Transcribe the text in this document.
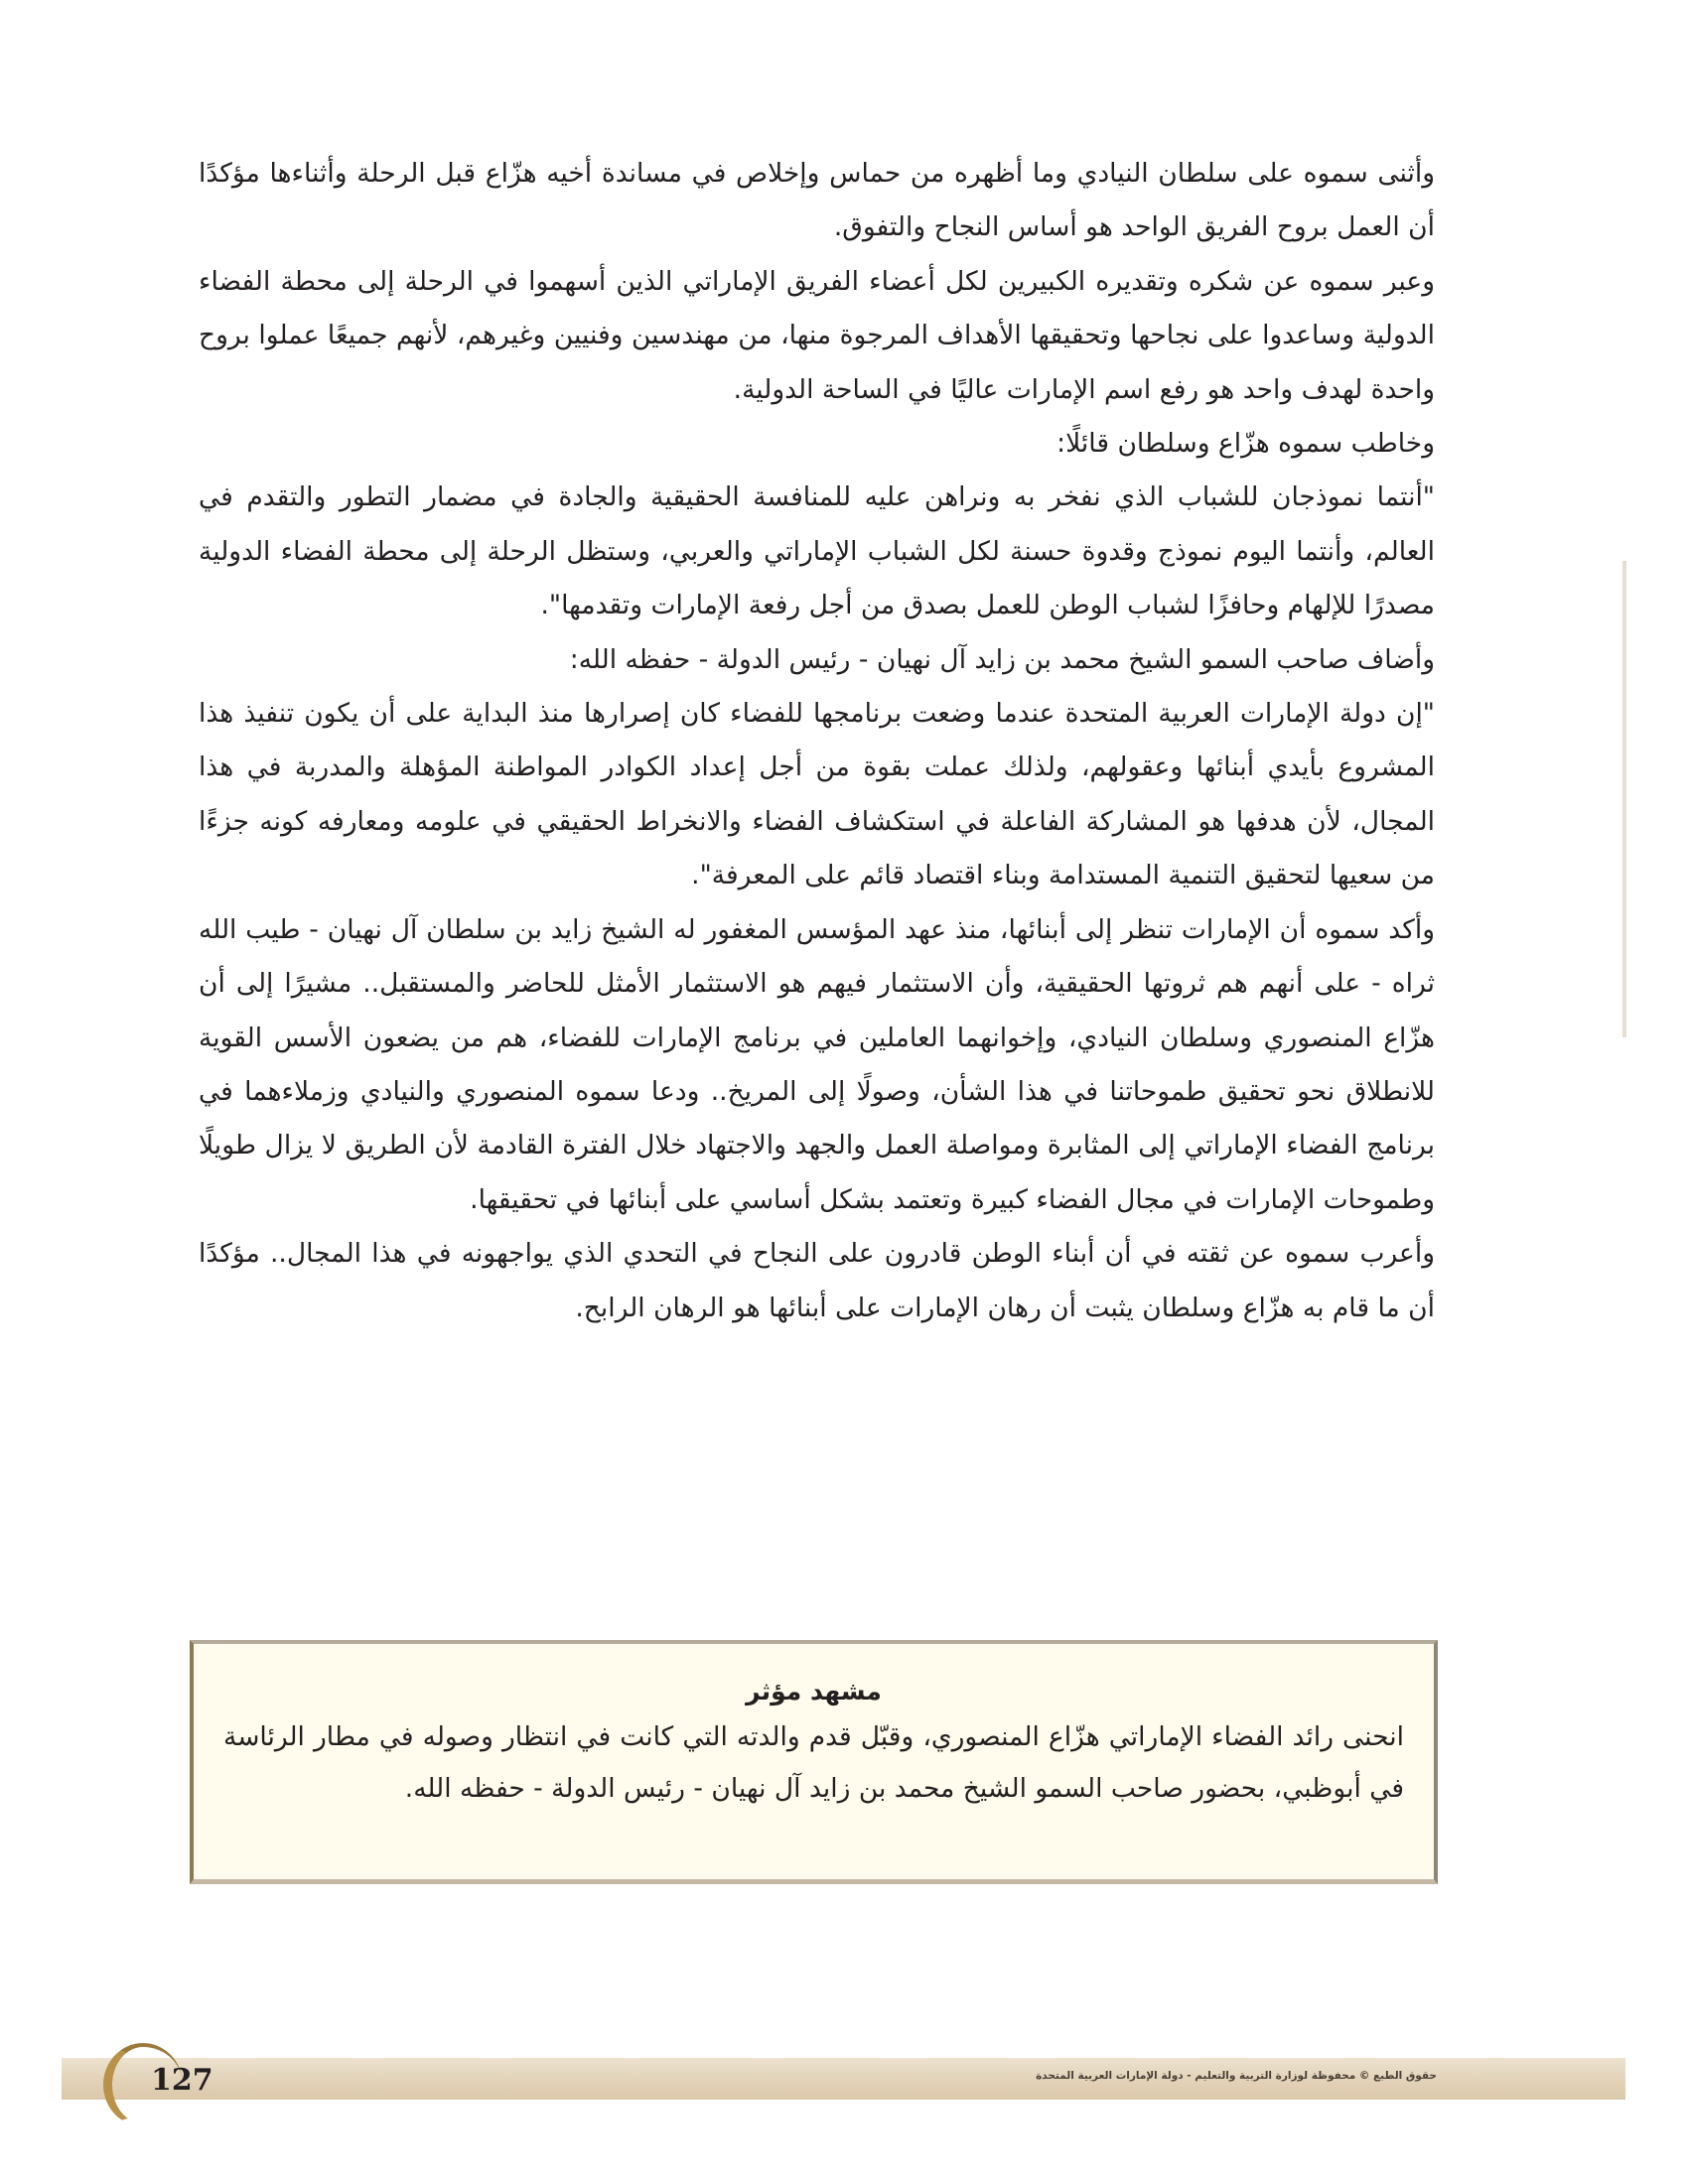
وأثنى سموه على سلطان النيادي وما أظهره من حماس وإخلاص في مساندة أخيه هزّاع قبل الرحلة وأثناءها مؤكدًا أن العمل بروح الفريق الواحد هو أساس النجاح والتفوق.

وعبر سموه عن شكره وتقديره الكبيرين لكل أعضاء الفريق الإماراتي الذين أسهموا في الرحلة إلى محطة الفضاء الدولية وساعدوا على نجاحها وتحقيقها الأهداف المرجوة منها، من مهندسين وفنيين وغيرهم، لأنهم جميعًا عملوا بروح واحدة لهدف واحد هو رفع اسم الإمارات عاليًا في الساحة الدولية.

وخاطب سموه هزّاع وسلطان قائلًا:

"أنتما نموذجان للشباب الذي نفخر به ونراهن عليه للمنافسة الحقيقية والجادة في مضمار التطور والتقدم في العالم، وأنتما اليوم نموذج وقدوة حسنة لكل الشباب الإماراتي والعربي، وستظل الرحلة إلى محطة الفضاء الدولية مصدرًا للإلهام وحافزًا لشباب الوطن للعمل بصدق من أجل رفعة الإمارات وتقدمها".

وأضاف صاحب السمو الشيخ محمد بن زايد آل نهيان - رئيس الدولة - حفظه الله:

"إن دولة الإمارات العربية المتحدة عندما وضعت برنامجها للفضاء كان إصرارها منذ البداية على أن يكون تنفيذ هذا المشروع بأيدي أبنائها وعقولهم، ولذلك عملت بقوة من أجل إعداد الكوادر المواطنة المؤهلة والمدربة في هذا المجال، لأن هدفها هو المشاركة الفاعلة في استكشاف الفضاء والانخراط الحقيقي في علومه ومعارفه كونه جزءًا من سعيها لتحقيق التنمية المستدامة وبناء اقتصاد قائم على المعرفة".

وأكد سموه أن الإمارات تنظر إلى أبنائها، منذ عهد المؤسس المغفور له الشيخ زايد بن سلطان آل نهيان - طيب الله ثراه - على أنهم هم ثروتها الحقيقية، وأن الاستثمار فيهم هو الاستثمار الأمثل للحاضر والمستقبل.. مشيرًا إلى أن هزّاع المنصوري وسلطان النيادي، وإخوانهما العاملين في برنامج الإمارات للفضاء، هم من يضعون الأسس القوية للانطلاق نحو تحقيق طموحاتنا في هذا الشأن، وصولًا إلى المريخ.. ودعا سموه المنصوري والنيادي وزملاءهما في برنامج الفضاء الإماراتي إلى المثابرة ومواصلة العمل والجهد والاجتهاد خلال الفترة القادمة لأن الطريق لا يزال طويلًا وطموحات الإمارات في مجال الفضاء كبيرة وتعتمد بشكل أساسي على أبنائها في تحقيقها.

وأعرب سموه عن ثقته في أن أبناء الوطن قادرون على النجاح في التحدي الذي يواجهونه في هذا المجال.. مؤكدًا أن ما قام به هزّاع وسلطان يثبت أن رهان الإمارات على أبنائها هو الرهان الرابح.

مشهد مؤثر

انحنى رائد الفضاء الإماراتي هزّاع المنصوري، وقبّل قدم والدته التي كانت في انتظار وصوله في مطار الرئاسة في أبوظبي، بحضور صاحب السمو الشيخ محمد بن زايد آل نهيان - رئيس الدولة - حفظه الله.

127	حقوق الطبع © محفوظة لوزارة التربية والتعليم - دولة الإمارات العربية المتحدة
